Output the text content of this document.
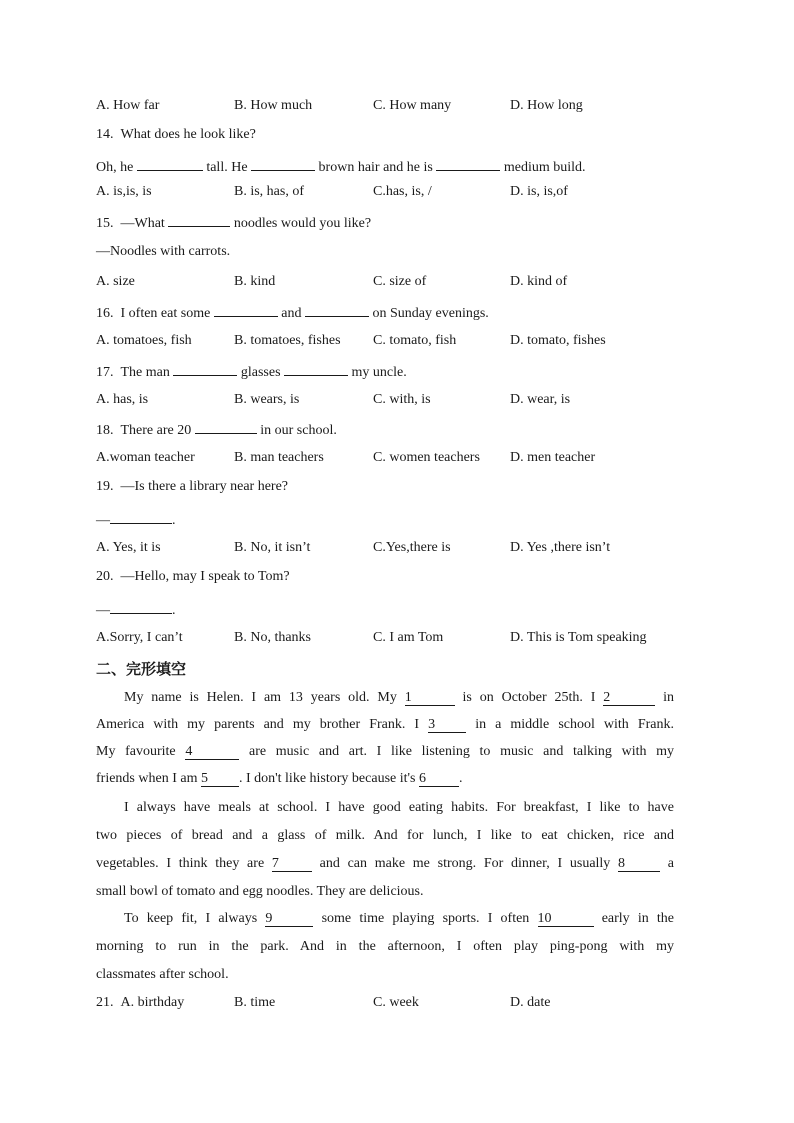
A. How far	B. How much	C. How many	D. How long
14.  What does he look like?
Oh, he	tall. He	brown hair and he is	medium build.
A. is,is, is	B. is, has, of	C.has, is, /	D. is, is,of
15.  —What	noodles would you like?
—Noodles with carrots.
A. size	B. kind	C. size of	D. kind of
16.  I often eat some	and	on Sunday evenings.
A. tomatoes, fish	B. tomatoes, fishes C. tomato, fish	D. tomato, fishes
17.  The man	glasses	my uncle.
A. has, is	B. wears, is	C. with, is	D. wear, is
18.  There are 20	in our school.
A.woman teacher	B. man teachers	C. women teachers D. men teacher
19.  —Is there a library near here?
—	.
A. Yes, it is	B. No, it isn’t	C.Yes,there is	D. Yes ,there isn’t
20.  —Hello, may I speak to Tom?
—	.
A.Sorry, I can’t	B. No, thanks	C. I am Tom	D. This is Tom speaking
二、完形填空
My name is Helen. I am 13 years old. My 1	is on October 25th. I 2	in
America with my parents and my brother Frank. I 3	in a middle school with Frank.
My favourite 4	are music and art. I like listening to music and talking with my
friends when I am 5 . I don't like history because it's 6 .
I always have meals at school. I have good eating habits. For breakfast, I like to have
two pieces of bread and a glass of milk. And for lunch, I like to eat chicken, rice and
vegetables. I think they are 7	and can make me strong. For dinner, I usually 8	a
small bowl of tomato and egg noodles. They are delicious.
To keep fit, I always 9	some time playing sports. I often 10	early in the
morning to run in the park. And in the afternoon, I often play ping-pong with my
classmates after school.
21.  A. birthday	B. time	C. week	D. date
